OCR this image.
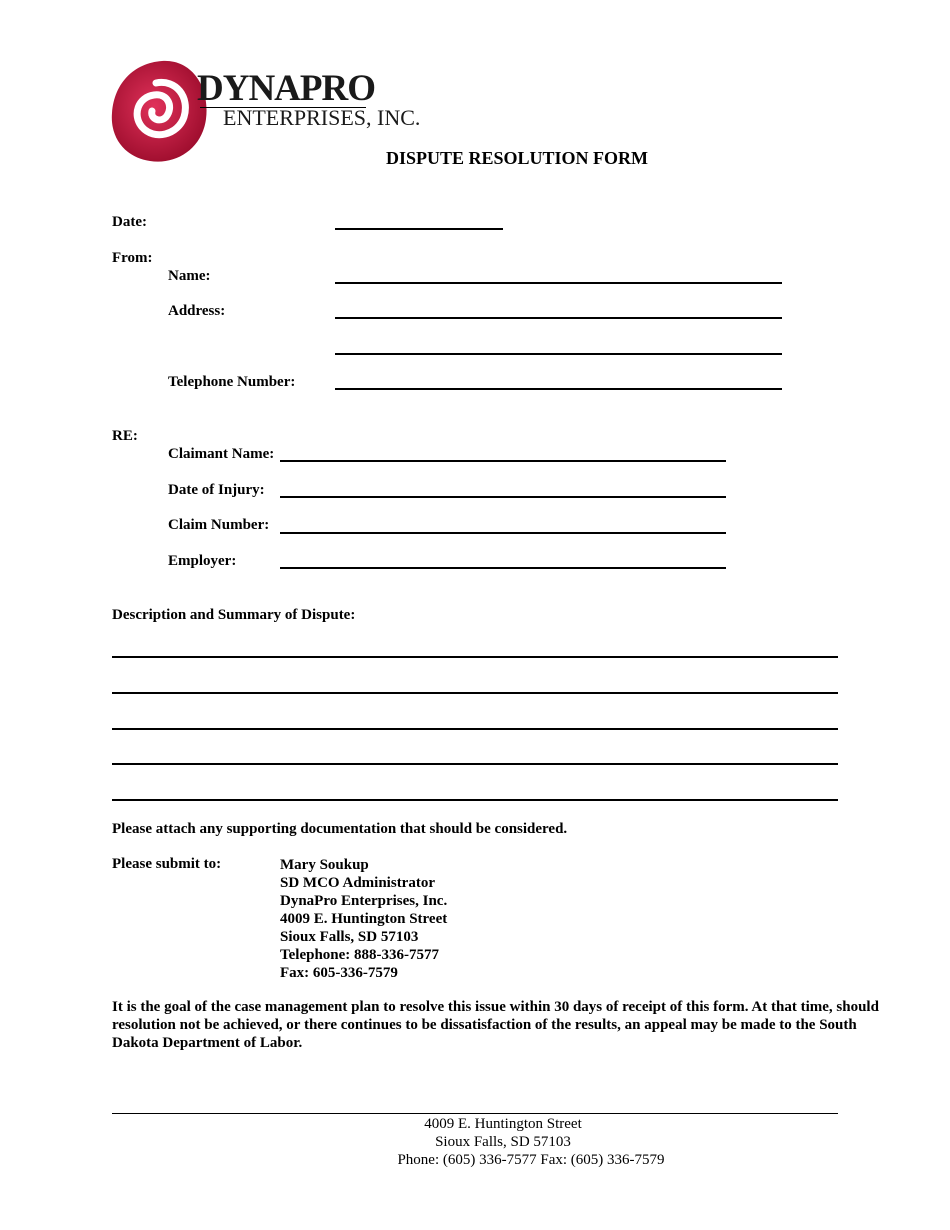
DYNAPRO
ENTERPRISES, INC.
DISPUTE RESOLUTION FORM
Date:
From:
Name:
Address:
Telephone Number:
RE:
Claimant Name:
Date of Injury:
Claim Number:
Employer:
Description and Summary of Dispute:
Please attach any supporting documentation that should be considered.
Please submit to:	Mary Soukup
SD MCO Administrator
DynaPro Enterprises, Inc.
4009 E. Huntington Street
Sioux Falls, SD 57103
Telephone: 888-336-7577
Fax: 605-336-7579
It is the goal of the case management plan to resolve this issue within 30 days of receipt of this form. At that time, should resolution not be achieved, or there continues to be dissatisfaction of the results, an appeal may be made to the South Dakota Department of Labor.
4009 E. Huntington Street
Sioux Falls, SD 57103
Phone: (605) 336-7577 Fax: (605) 336-7579
